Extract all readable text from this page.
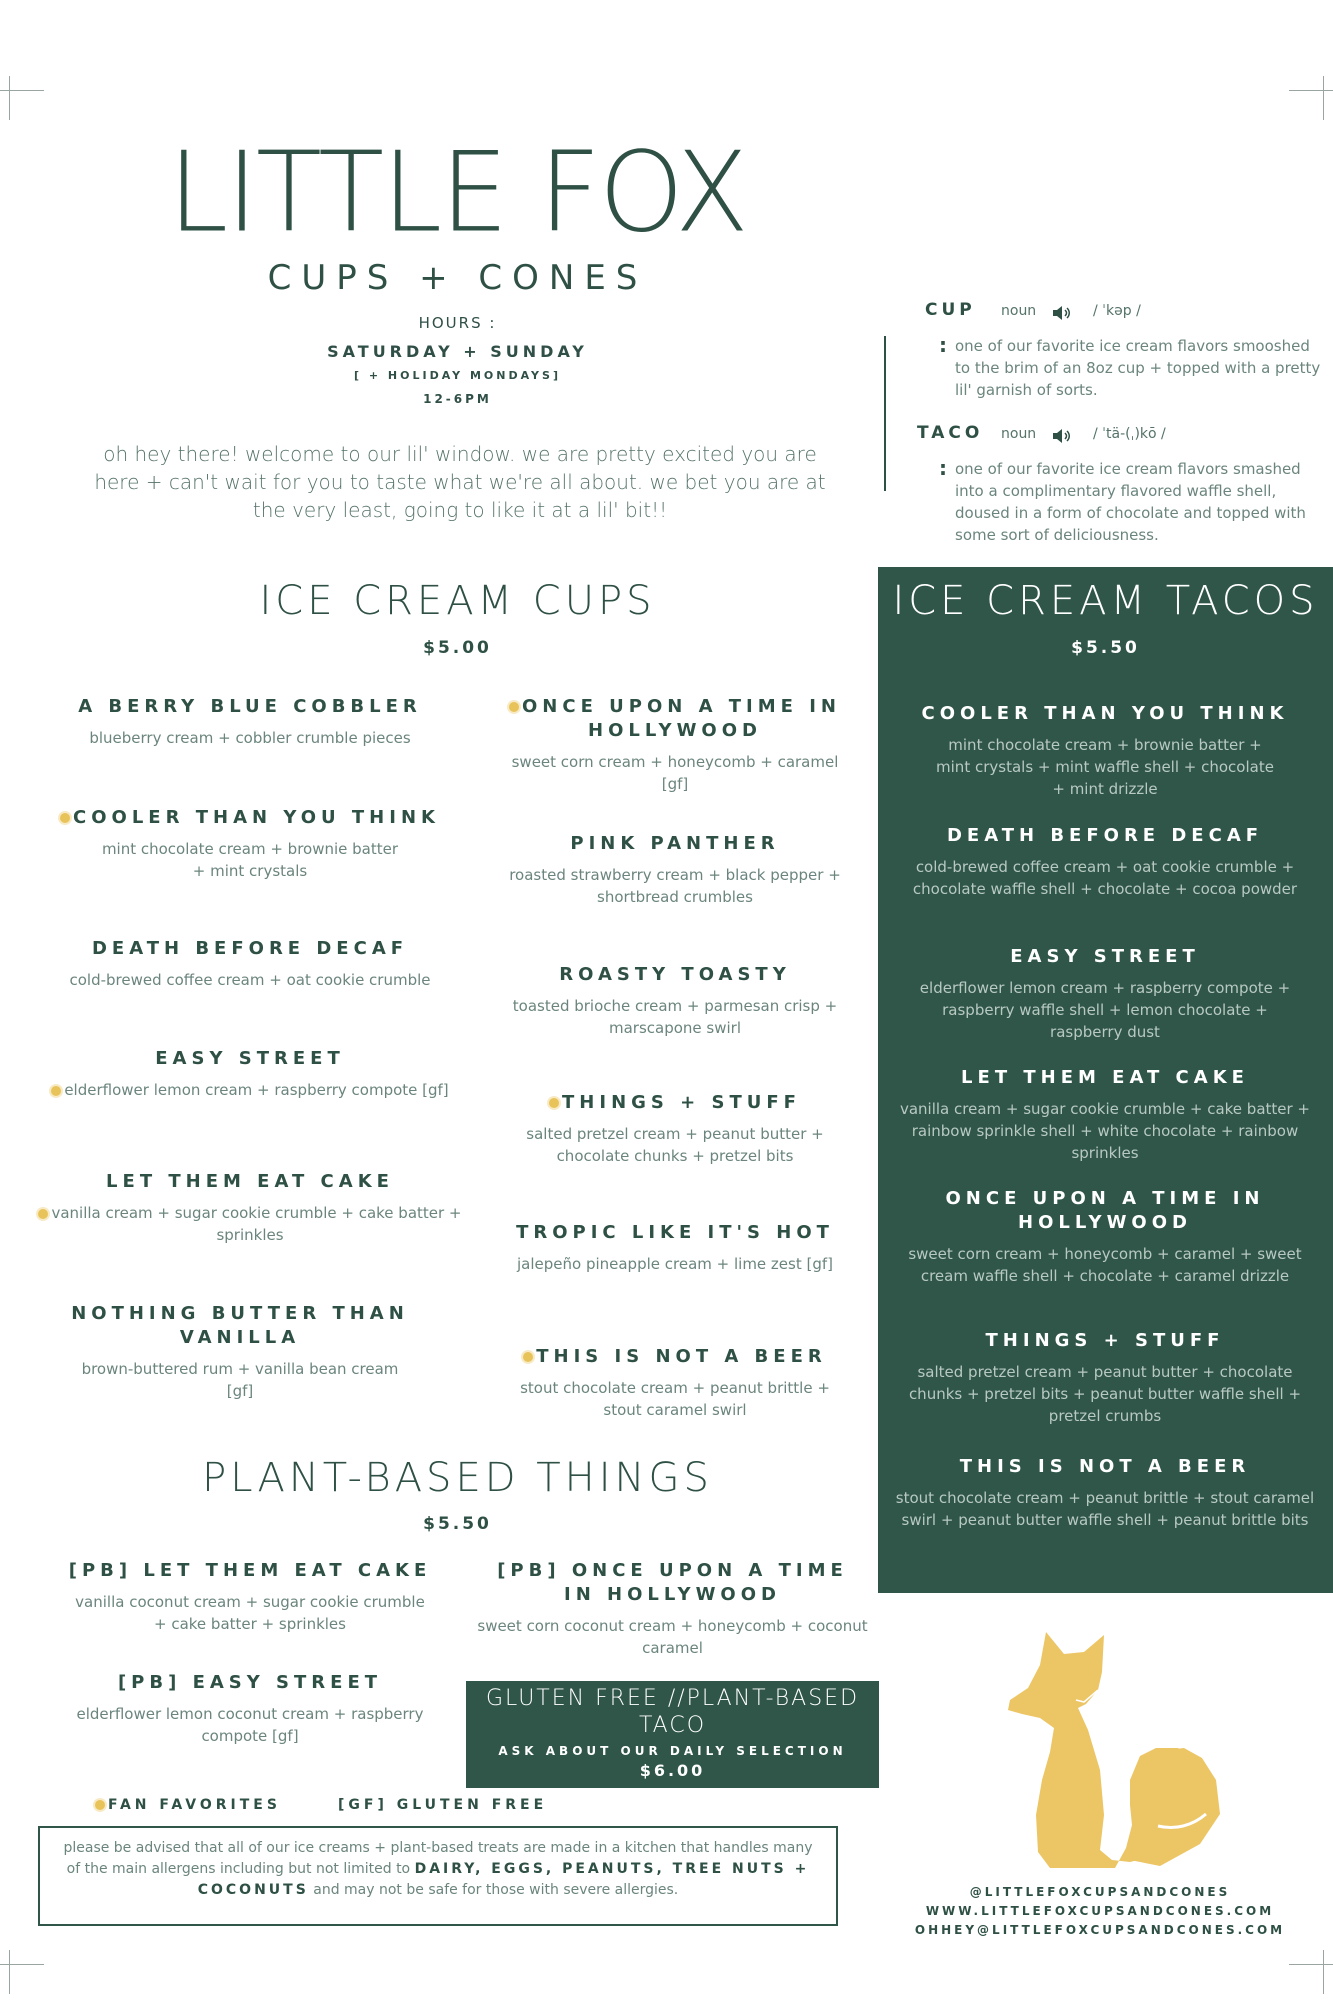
LITTLE FOX
CUPS + CONES
HOURS :
SATURDAY + SUNDAY
[ + HOLIDAY MONDAYS]
12-6PM
oh hey there! welcome to our lil' window. we are pretty excited you are here + can't wait for you to taste what we're all about. we bet you are at the very least, going to like it at a lil' bit!!
CUP noun	/ ˈkəp /
: one of our favorite ice cream flavors smooshed to the brim of an 8oz cup + topped with a pretty lil' garnish of sorts.
TACO noun	/ ˈtä-(ˌ)kō /
: one of our favorite ice cream flavors smashed into a complimentary flavored waffle shell, doused in a form of chocolate and topped with some sort of deliciousness.
ICE CREAM CUPS
$5.00
A BERRY BLUE COBBLER
blueberry cream + cobbler crumble pieces
COOLER THAN YOU THINK
mint chocolate cream + brownie batter + mint crystals
DEATH BEFORE DECAF
cold-brewed coffee cream + oat cookie crumble
EASY STREET
elderflower lemon cream + raspberry compote [gf]
LET THEM EAT CAKE
vanilla cream + sugar cookie crumble + cake batter + sprinkles
NOTHING BUTTER THAN VANILLA
brown-buttered rum + vanilla bean cream [gf]
ONCE UPON A TIME IN HOLLYWOOD
sweet corn cream + honeycomb + caramel [gf]
PINK PANTHER
roasted strawberry cream + black pepper + shortbread crumbles
ROASTY TOASTY
toasted brioche cream + parmesan crisp + marscapone swirl
THINGS + STUFF
salted pretzel cream + peanut butter + chocolate chunks + pretzel bits
TROPIC LIKE IT'S HOT
jalepeño pineapple cream + lime zest [gf]
THIS IS NOT A BEER
stout chocolate cream + peanut brittle + stout caramel swirl
ICE CREAM TACOS
$5.50
COOLER THAN YOU THINK
mint chocolate cream + brownie batter + mint crystals + mint waffle shell + chocolate + mint drizzle
DEATH BEFORE DECAF
cold-brewed coffee cream + oat cookie crumble + chocolate waffle shell + chocolate + cocoa powder
EASY STREET
elderflower lemon cream + raspberry compote + raspberry waffle shell + lemon chocolate + raspberry dust
LET THEM EAT CAKE
vanilla cream + sugar cookie crumble + cake batter + rainbow sprinkle shell + white chocolate + rainbow sprinkles
ONCE UPON A TIME IN HOLLYWOOD
sweet corn cream + honeycomb + caramel + sweet cream waffle shell + chocolate + caramel drizzle
THINGS + STUFF
salted pretzel cream + peanut butter + chocolate chunks + pretzel bits + peanut butter waffle shell + pretzel crumbs
THIS IS NOT A BEER
stout chocolate cream + peanut brittle + stout caramel swirl + peanut butter waffle shell + peanut brittle bits
PLANT-BASED THINGS
$5.50
[PB] LET THEM EAT CAKE
vanilla coconut cream + sugar cookie crumble + cake batter + sprinkles
[PB] EASY STREET
elderflower lemon coconut cream + raspberry compote [gf]
[PB] ONCE UPON A TIME IN HOLLYWOOD
sweet corn coconut cream + honeycomb + coconut caramel
GLUTEN FREE //PLANT-BASED TACO
ASK ABOUT OUR DAILY SELECTION
$6.00
FAN FAVORITES	[GF] GLUTEN FREE
please be advised that all of our ice creams + plant-based treats are made in a kitchen that handles many of the main allergens including but not limited to DAIRY, EGGS, PEANUTS, TREE NUTS + COCONUTS and may not be safe for those with severe allergies.	@LITTLEFOXCUPSANDCONES
WWW.LITTLEFOXCUPSANDCONES.COM
OHHEY@LITTLEFOXCUPSANDCONES.COM
